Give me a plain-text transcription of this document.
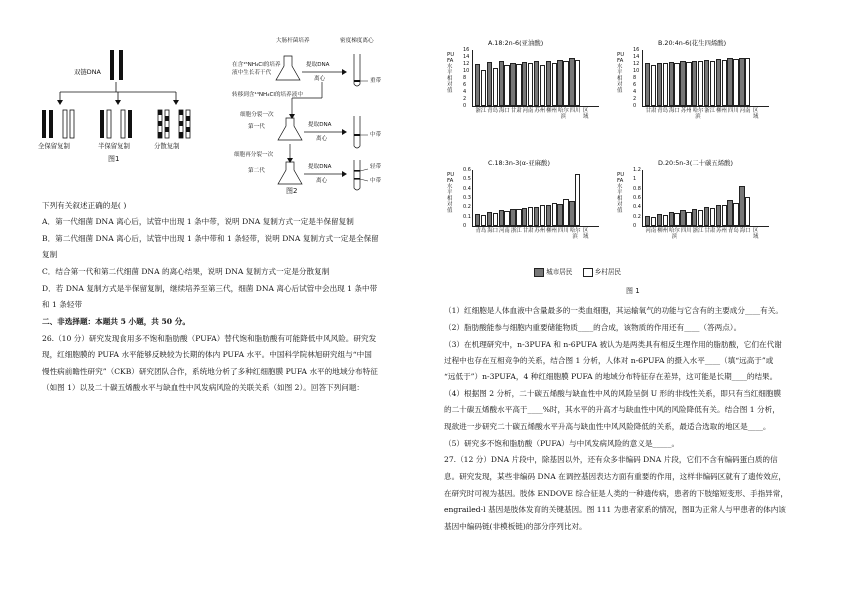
双链DNA
全保留复制	半保留复制	分散复制
图1
大肠杆菌培养	密度梯度离心
在含¹⁵NH₄Cl的培养
液中生长若干代
提取DNA
离心	重带
转移到含¹⁴NH₄Cl的培养液中
细胞分裂一次
第一代	提取DNA
离心
中带
细胞再分裂一次
第二代
提取DNA
离心
轻带
中带
图2
下列有关叙述正确的是( )
A．第一代细菌 DNA 离心后，试管中出现 1 条中带，说明 DNA 复制方式一定是半保留复制
B．第二代细菌 DNA 离心后，试管中出现 1 条中带和 1 条轻带，说明 DNA 复制方式一定是全保留
复制
C．结合第一代和第二代细菌 DNA 的离心结果，说明 DNA 复制方式一定是分散复制
D．若 DNA 复制方式是半保留复制，继续培养至第三代，细菌 DNA 离心后试管中会出现 1 条中带
和 1 条轻带
二、非选择题：本题共 5 小题，共 50 分。
26.（10 分）研究发现食用多不饱和脂肪酸（PUFA）替代饱和脂肪酸有可能降低中风风险。研究发
现，红细胞膜的 PUFA 水平能够反映较为长期的体内 PUFA 水平。中国科学院林旭研究组与“中国
慢性病前瞻性研究”（CKB）研究团队合作，系统地分析了多种红细胞膜 PUFA 水平的地域分布特征
（如图 1）以及二十碳五烯酸水平与缺血性中风发病风险的关联关系（如图 2）。回答下列问题：
A.18:2n-6(亚油酸)
PUFA水平相对值
0
2
4
6
8
10
12
14
16
浙江 青岛 海口 甘肃 河南 苏州 柳州 哈尔滨
四川 区域
B.20:4n-6(花生四烯酸)
PUFA水平相对值
0
2
4
6
8
10
12
14
16
甘肃 青岛 海口 苏州 哈尔滨
浙江 柳州 四川 河南 区域
C.18:3n-3(α-亚麻酸)
PUFA水平相对值
0
0.1
0.2
0.3
0.4
0.5
0.6
青岛 海口 河南 浙江 甘肃 苏州 柳州 四川 哈尔滨
区域
D.20:5n-3(二十碳五烯酸)
PUFA水平相对值
0
0.2
0.4
0.6
0.8
1
1.2
河南 柳州 哈尔滨
四川 浙江 甘肃 苏州 青岛 海口 区域
城市居民	乡村居民
图 1
（1）红细胞是人体血液中含量最多的一类血细胞，其运输氧气的功能与它含有的主要成分____有关。
（2）脂肪酸能参与细胞内重要储能物质____的合成，该物质的作用还有____（答两点）。
（3）在机理研究中，n-3PUFA 和 n-6PUFA 被认为是两类具有相反生理作用的脂肪酸，它们在代谢
过程中也存在互相竞争的关系，结合图 1 分析，人体对 n-6PUFA 的摄入水平____（填“远高于”或
“远低于”）n-3PUFA，4 种红细胞膜 PUFA 的地域分布特征存在差异，这可能是长期____的结果。
（4）根据图 2 分析，二十碳五烯酸与缺血性中风的风险呈倒 U 形的非线性关系，即只有当红细胞膜
的二十碳五烯酸水平高于____%时，其水平的升高才与缺血性中风的风险降低有关。结合图 1 分析，
现欲进一步研究二十碳五烯酸水平升高与缺血性中风风险降低的关系，最适合选取的地区是____。
（5）研究多不饱和脂肪酸（PUFA）与中风发病风险的意义是_____。
27.（12 分）DNA 片段中，除基因以外，还有众多非编码 DNA 片段，它们不含有编码蛋白质的信
息。研究发现，某些非编码 DNA 在调控基因表达方面有重要的作用，这样非编码区就有了遗传效应，
在研究时可视为基因。肢体 ENDOVE 综合征是人类的一种遗传病，患者的下肢缩短变形、手指异常，
engrailed-l 基因是肢体发育的关键基因。图 111 为患者家系的情况，图Ⅱ为正常人与甲患者的体内该
基因中编码链(非模板链)的部分序列比对。
